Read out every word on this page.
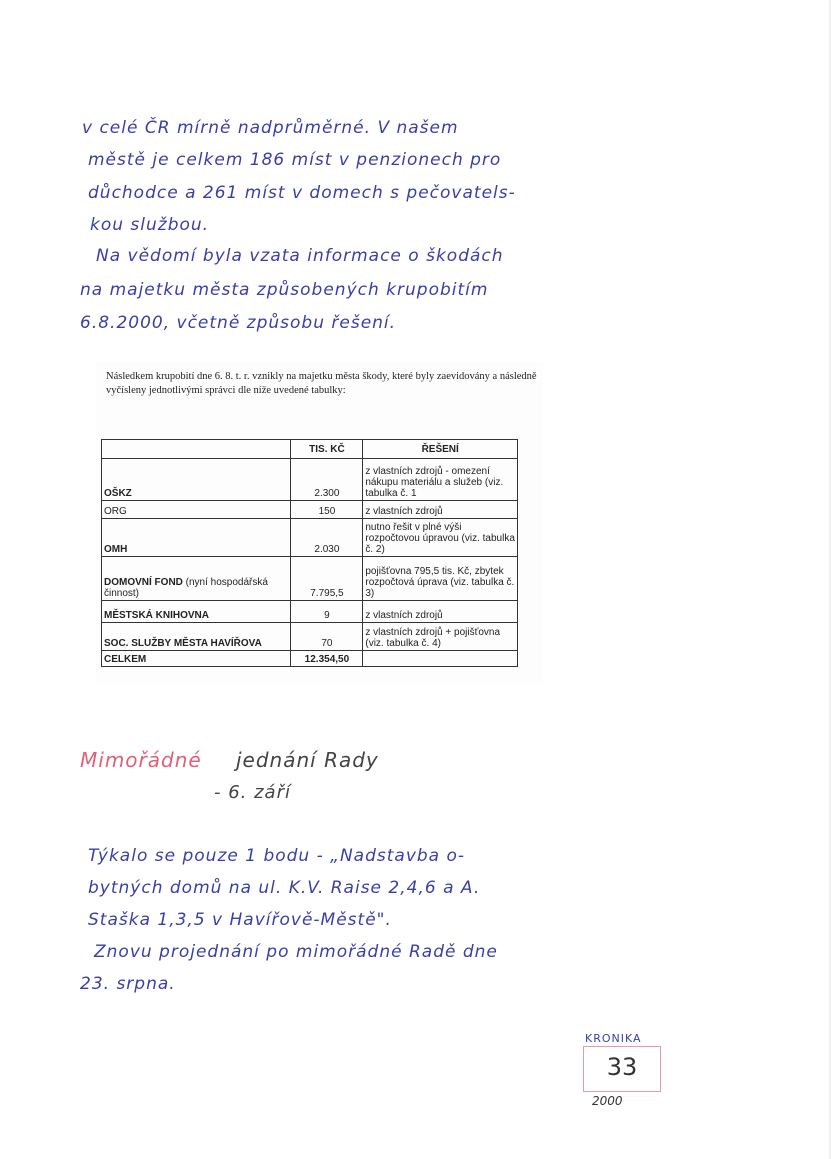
v celé ČR mírně nadprůměrné. V našem
městě je celkem 186 míst v penzionech pro
důchodce a 261 míst v domech s pečovatels-
kou službou.
Na vědomí byla vzata informace o škodách
na majetku města způsobených krupobitím
6.8.2000, včetně způsobu řešení.
Následkem krupobití dne 6. 8. t. r. vznikly na majetku města škody, které byly zaevidovány a následně vyčísleny jednotlivými správci dle níže uvedené tabulky:
	TIS. KČ	ŘEŠENÍ
OŠKZ	2.300	z vlastních zdrojů - omezení nákupu materiálu a služeb (viz. tabulka č. 1
ORG	150	z vlastních zdrojů
OMH	2.030	nutno řešit v plné výši rozpočtovou úpravou (viz. tabulka č. 2)
DOMOVNÍ FOND (nyní hospodářská činnost)	7.795,5	pojišťovna 795,5 tis. Kč, zbytek rozpočtová úprava (viz. tabulka č. 3)
MĚSTSKÁ KNIHOVNA	9	z vlastních zdrojů
SOC. SLUŽBY MĚSTA HAVÍŘOVA	70	z vlastních zdrojů + pojišťovna (viz. tabulka č. 4)
CELKEM	12.354,50	
Mimořádné jednání Rady
- 6. září
Týkalo se pouze 1 bodu - „Nadstavba o-
bytných domů na ul. K.V. Raise 2,4,6 a A.
Staška 1,3,5 v Havířově-Městě".
Znovu projednání po mimořádné Radě dne
23. srpna.
KRONIKA
33
2000
